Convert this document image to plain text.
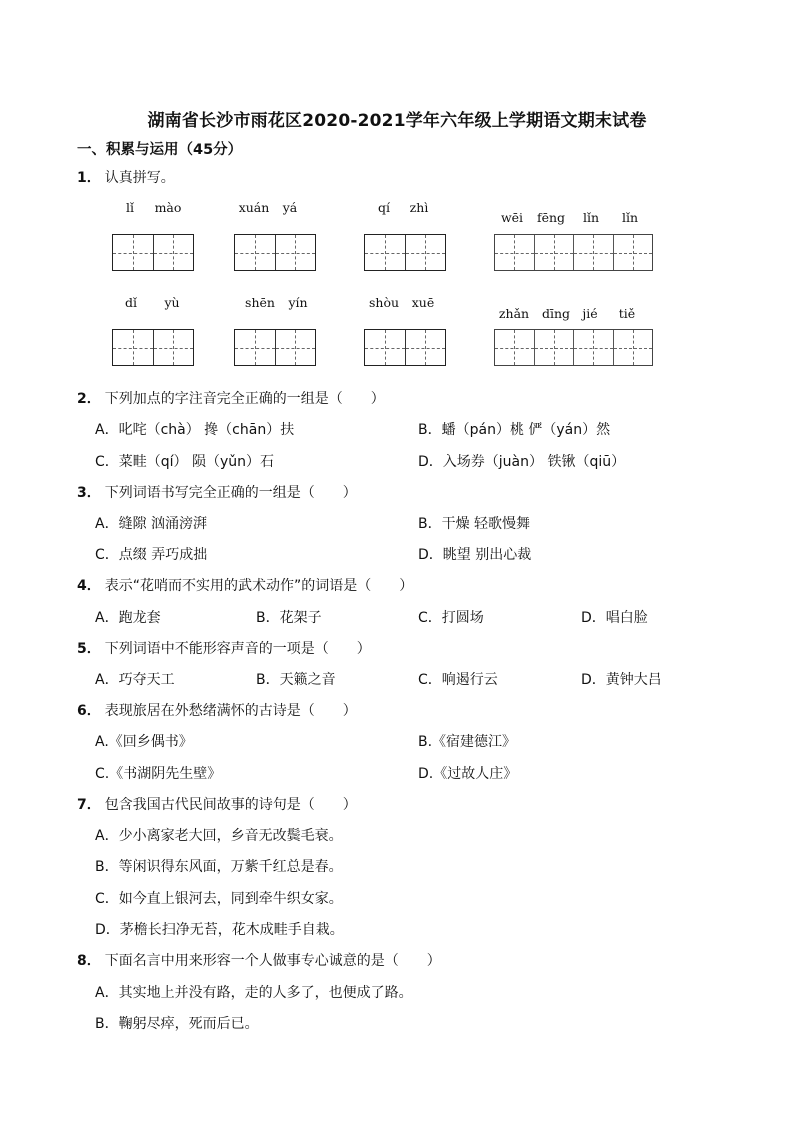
湖南省长沙市雨花区2020-2021学年六年级上学期语文期末试卷
一、积累与运用（45分）
1． 认真拼写。
lǐ mào	xuán yá	qí zhì
wēi fēng lǐn lǐn
dǐ yù	shēn yín	shòu xuē
zhǎn dīng jié tiě
2． 下列加点的字注音完全正确的一组是（　　）
A．叱咤（chà） 搀（chān）扶	B．蟠（pán）桃 俨（yán）然
C．菜畦（qí） 陨（yǔn）石	D．入场券（juàn） 铁锹（qiū）
3． 下列词语书写完全正确的一组是（　　）
A．缝隙 汹涌滂湃	B．干燥 轻歌慢舞
C．点缀 弄巧成拙	D．眺望 别出心裁
4． 表示“花哨而不实用的武术动作”的词语是（　　）
A．跑龙套	B．花架子	C．打圆场	D．唱白脸
5． 下列词语中不能形容声音的一项是（　　）
A．巧夺天工	B．天籁之音	C．响遏行云	D．黄钟大吕
6． 表现旅居在外愁绪满怀的古诗是（　　）
A.《回乡偶书》	B.《宿建德江》
C.《书湖阴先生壁》	D.《过故人庄》
7． 包含我国古代民间故事的诗句是（　　）
A．少小离家老大回，乡音无改鬓毛衰。
B．等闲识得东风面，万紫千红总是春。
C．如今直上银河去，同到牵牛织女家。
D．茅檐长扫净无苔，花木成畦手自栽。
8． 下面名言中用来形容一个人做事专心诚意的是（　　）
A．其实地上并没有路，走的人多了，也便成了路。
B．鞠躬尽瘁，死而后已。
